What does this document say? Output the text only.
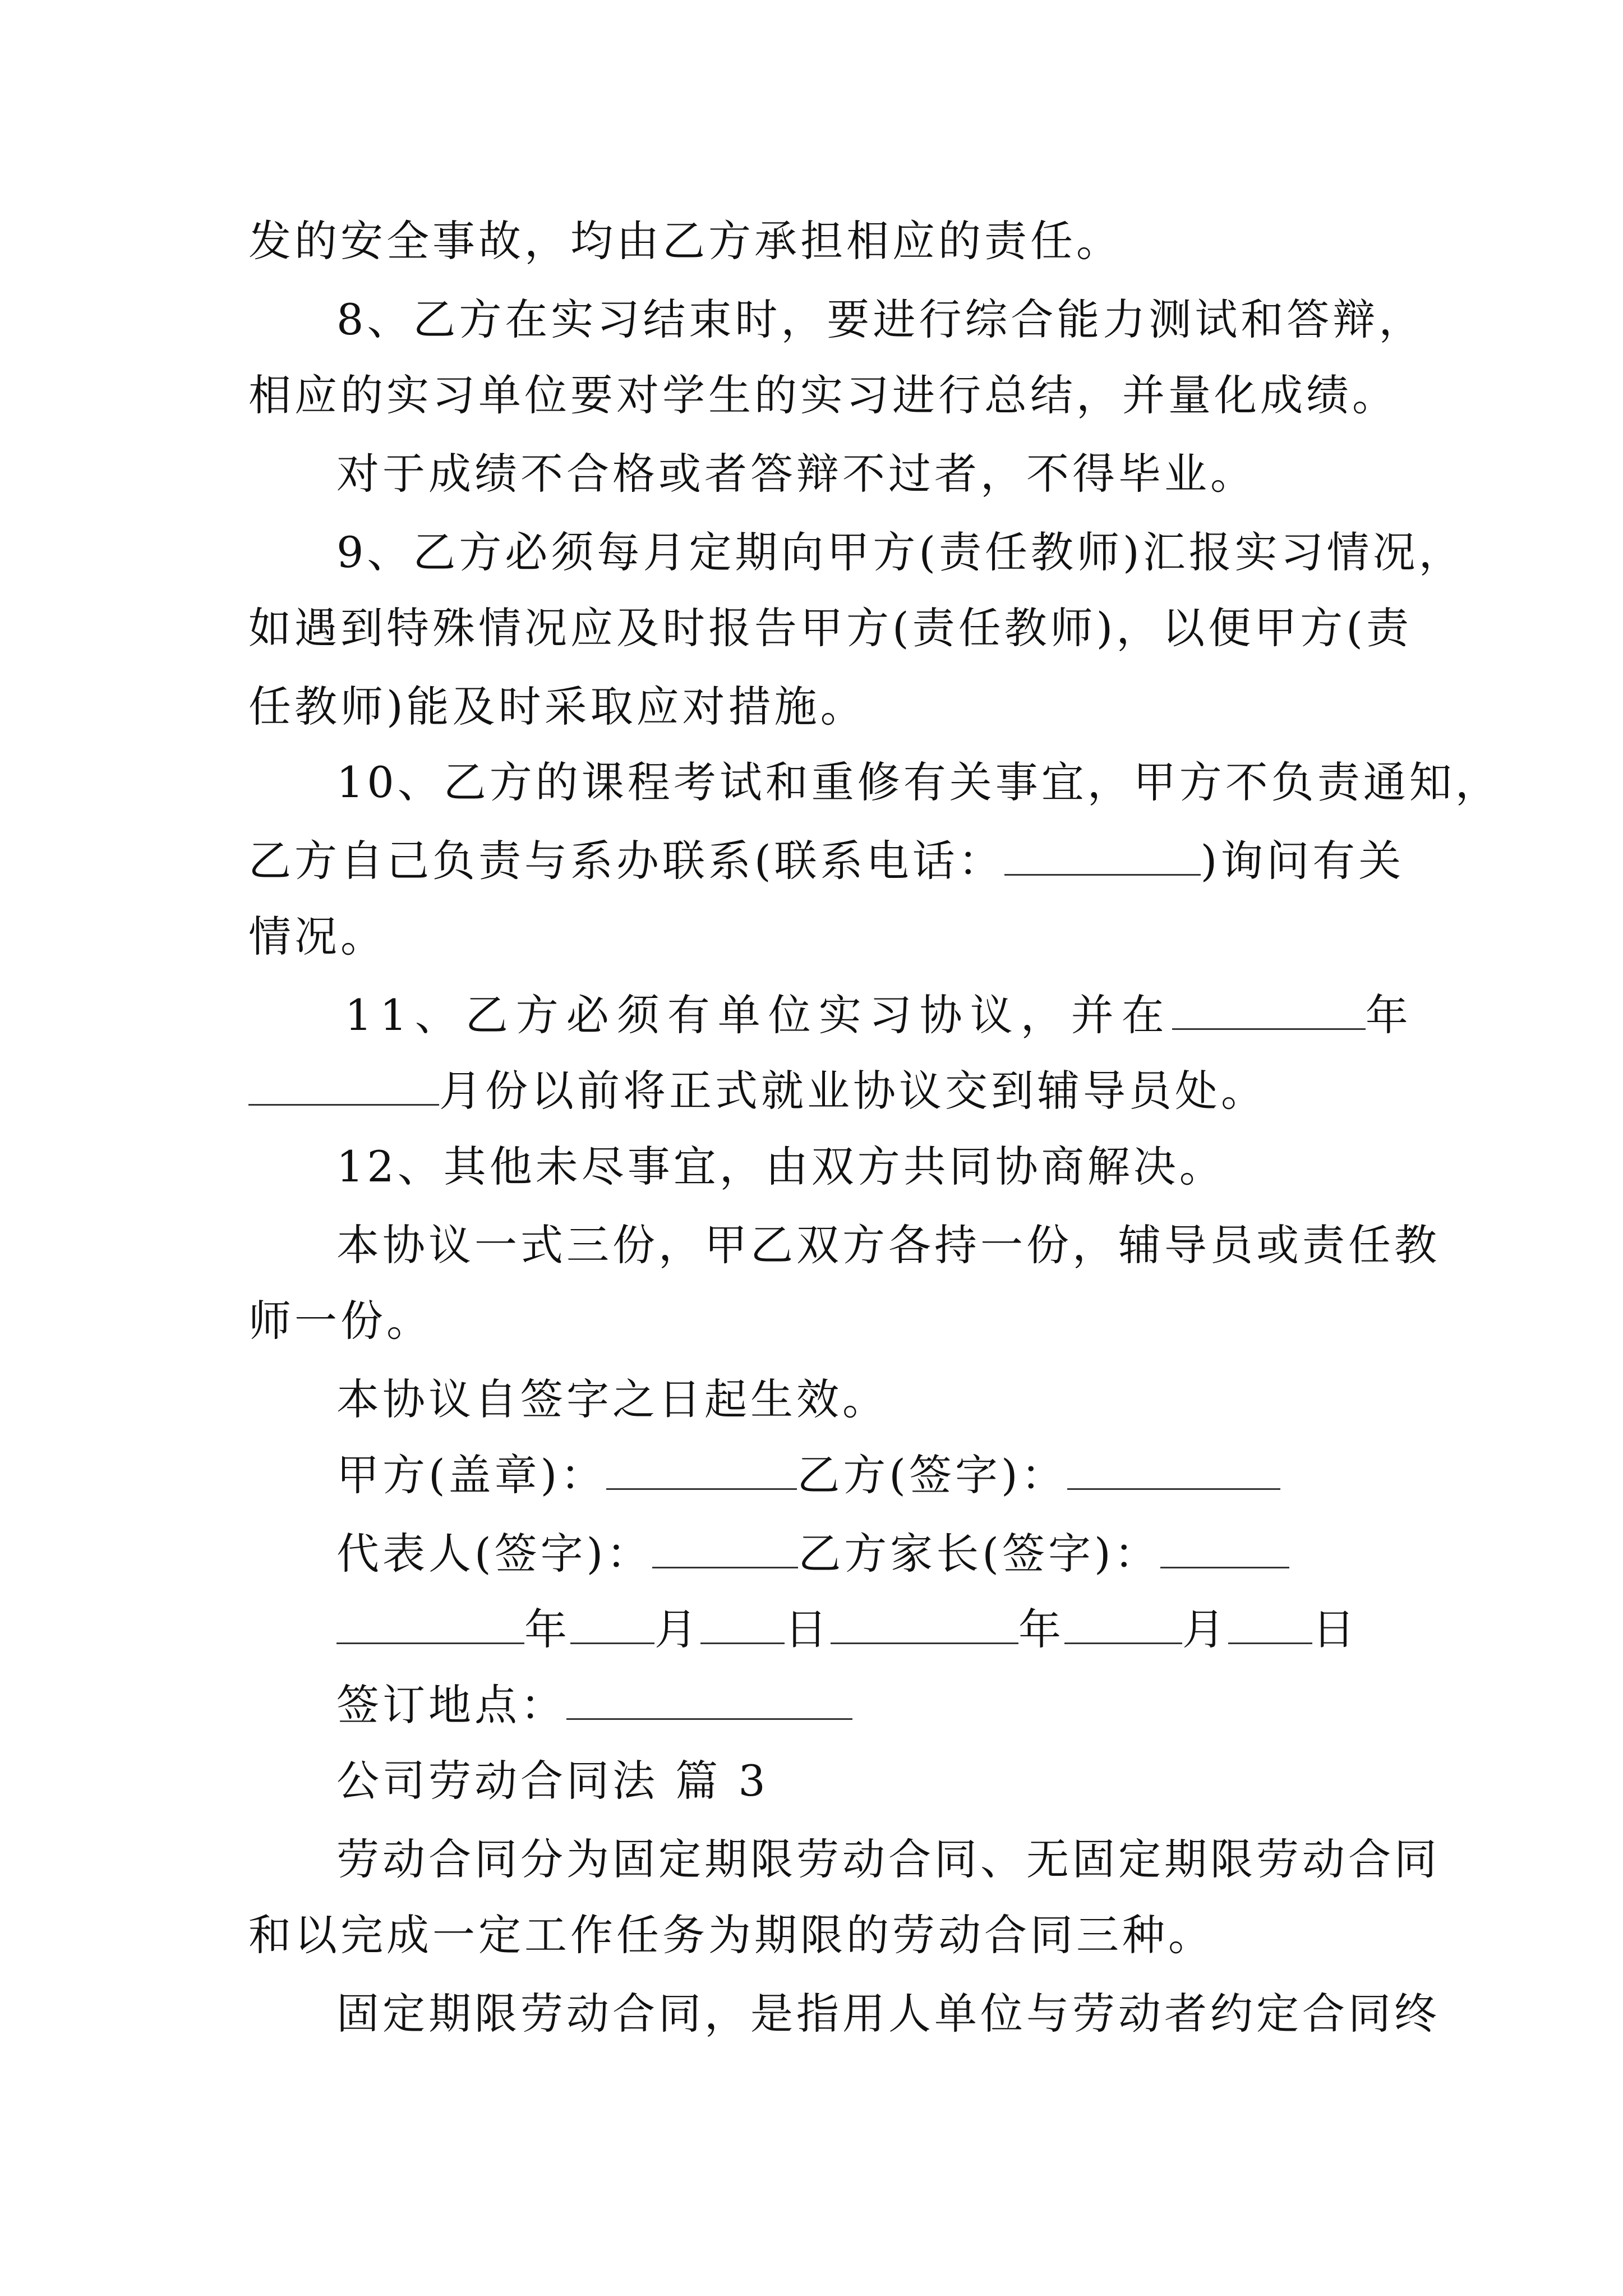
发的安全事故，均由乙方承担相应的责任。
8、乙方在实习结束时，要进行综合能力测试和答辩，
相应的实习单位要对学生的实习进行总结，并量化成绩。
对于成绩不合格或者答辩不过者，不得毕业。
9、乙方必须每月定期向甲方(责任教师)汇报实习情况，
如遇到特殊情况应及时报告甲方(责任教师)，以便甲方(责
任教师)能及时采取应对措施。
10、乙方的课程考试和重修有关事宜，甲方不负责通知，
乙方自己负责与系办联系(联系电话：	)询问有关
情况。
11、乙方必须有单位实习协议，并在	年
月份以前将正式就业协议交到辅导员处。
12、其他未尽事宜，由双方共同协商解决。
本协议一式三份，甲乙双方各持一份，辅导员或责任教
师一份。
本协议自签字之日起生效。
甲方(盖章)：	乙方(签字)：
代表人(签字)：	乙方家长(签字)：
年 月 日	年	月 日
签订地点：
公司劳动合同法 篇 3
劳动合同分为固定期限劳动合同、无固定期限劳动合同
和以完成一定工作任务为期限的劳动合同三种。
固定期限劳动合同，是指用人单位与劳动者约定合同终
